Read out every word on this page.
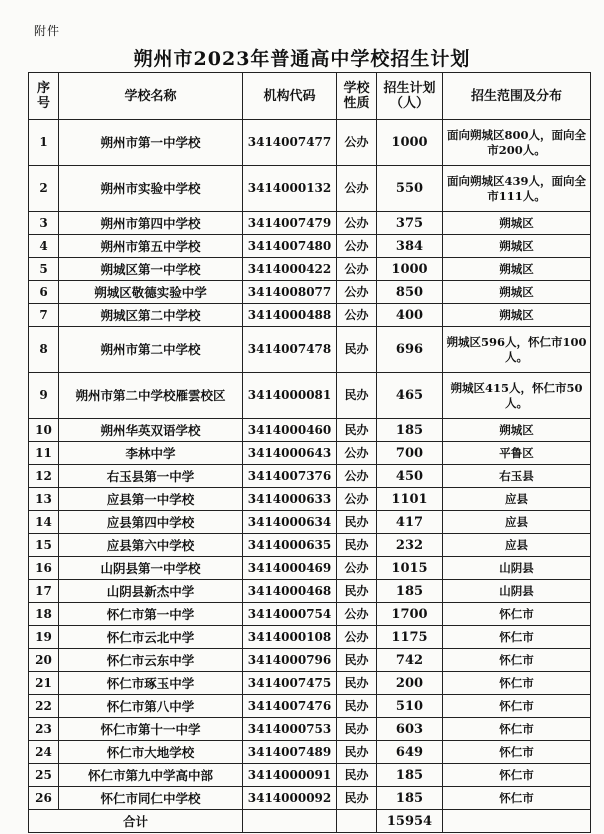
附件
朔州市2023年普通高中学校招生计划
序号	学校名称	机构代码	学校性质	招生计划（人）	招生范围及分布
1	朔州市第一中学校	3414007477	公办	1000	面向朔城区800人，面向全市200人。
2	朔州市实验中学校	3414000132	公办	550	面向朔城区439人，面向全市111人。
3	朔州市第四中学校	3414007479	公办	375	朔城区
4	朔州市第五中学校	3414007480	公办	384	朔城区
5	朔城区第一中学校	3414000422	公办	1000	朔城区
6	朔城区敬德实验中学	3414008077	公办	850	朔城区
7	朔城区第二中学校	3414000488	公办	400	朔城区
8	朔州市第二中学校	3414007478	民办	696	朔城区596人，怀仁市100人。
9	朔州市第二中学校雁雲校区	3414000081	民办	465	朔城区415人，怀仁市50人。
10	朔州华英双语学校	3414000460	民办	185	朔城区
11	李林中学	3414000643	公办	700	平鲁区
12	右玉县第一中学	3414007376	公办	450	右玉县
13	应县第一中学校	3414000633	公办	1101	应县
14	应县第四中学校	3414000634	民办	417	应县
15	应县第六中学校	3414000635	民办	232	应县
16	山阴县第一中学校	3414000469	公办	1015	山阴县
17	山阴县新杰中学	3414000468	民办	185	山阴县
18	怀仁市第一中学	3414000754	公办	1700	怀仁市
19	怀仁市云北中学	3414000108	公办	1175	怀仁市
20	怀仁市云东中学	3414000796	民办	742	怀仁市
21	怀仁市琢玉中学	3414007475	民办	200	怀仁市
22	怀仁市第八中学	3414007476	民办	510	怀仁市
23	怀仁市第十一中学	3414000753	民办	603	怀仁市
24	怀仁市大地学校	3414007489	民办	649	怀仁市
25	怀仁市第九中学高中部	3414000091	民办	185	怀仁市
26	怀仁市同仁中学校	3414000092	民办	185	怀仁市
合计				15954	
